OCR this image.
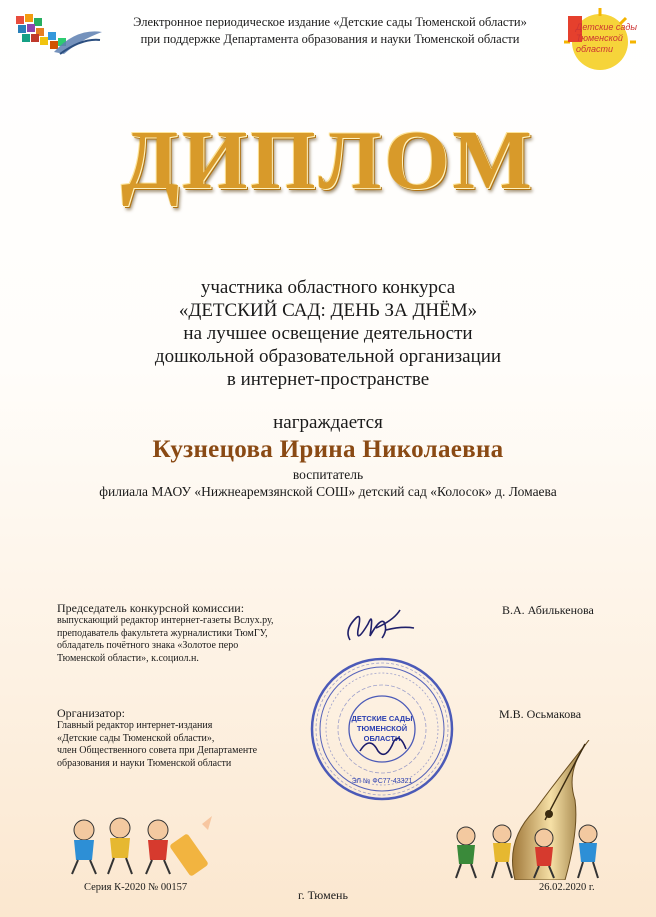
Электронное периодическое издание «Детские сады Тюменской области»
при поддержке Департамента образования и науки Тюменской области
Детские сады Тюменской области
ДИПЛОМ
участника областного конкурса
«ДЕТСКИЙ САД: ДЕНЬ ЗА ДНЁМ»
на лучшее освещение деятельности
дошкольной образовательной организации
в интернет-пространстве
награждается
Кузнецова Ирина Николаевна
воспитатель
филиала МАОУ «Нижнеаремзянской СОШ» детский сад «Колосок» д. Ломаева
Председатель конкурсной комиссии:
выпускающий редактор интернет-газеты Вслух.ру,
преподаватель факультета журналистики ТюмГУ,
обладатель почётного знака «Золотое перо
Тюменской области», к.социол.н.
В.А. Абилькенова
Организатор:
Главный редактор интернет-издания
«Детские сады Тюменской области»,
член Общественного совета при Департаменте
образования и науки Тюменской области
М.В. Осьмакова
ДЕТСКИЕ САДЫ
ТЮМЕНСКОЙ
ОБЛАСТИ
ЭЛ № ФС77-43321
Серия К-2020 № 00157
г. Тюмень
26.02.2020 г.
